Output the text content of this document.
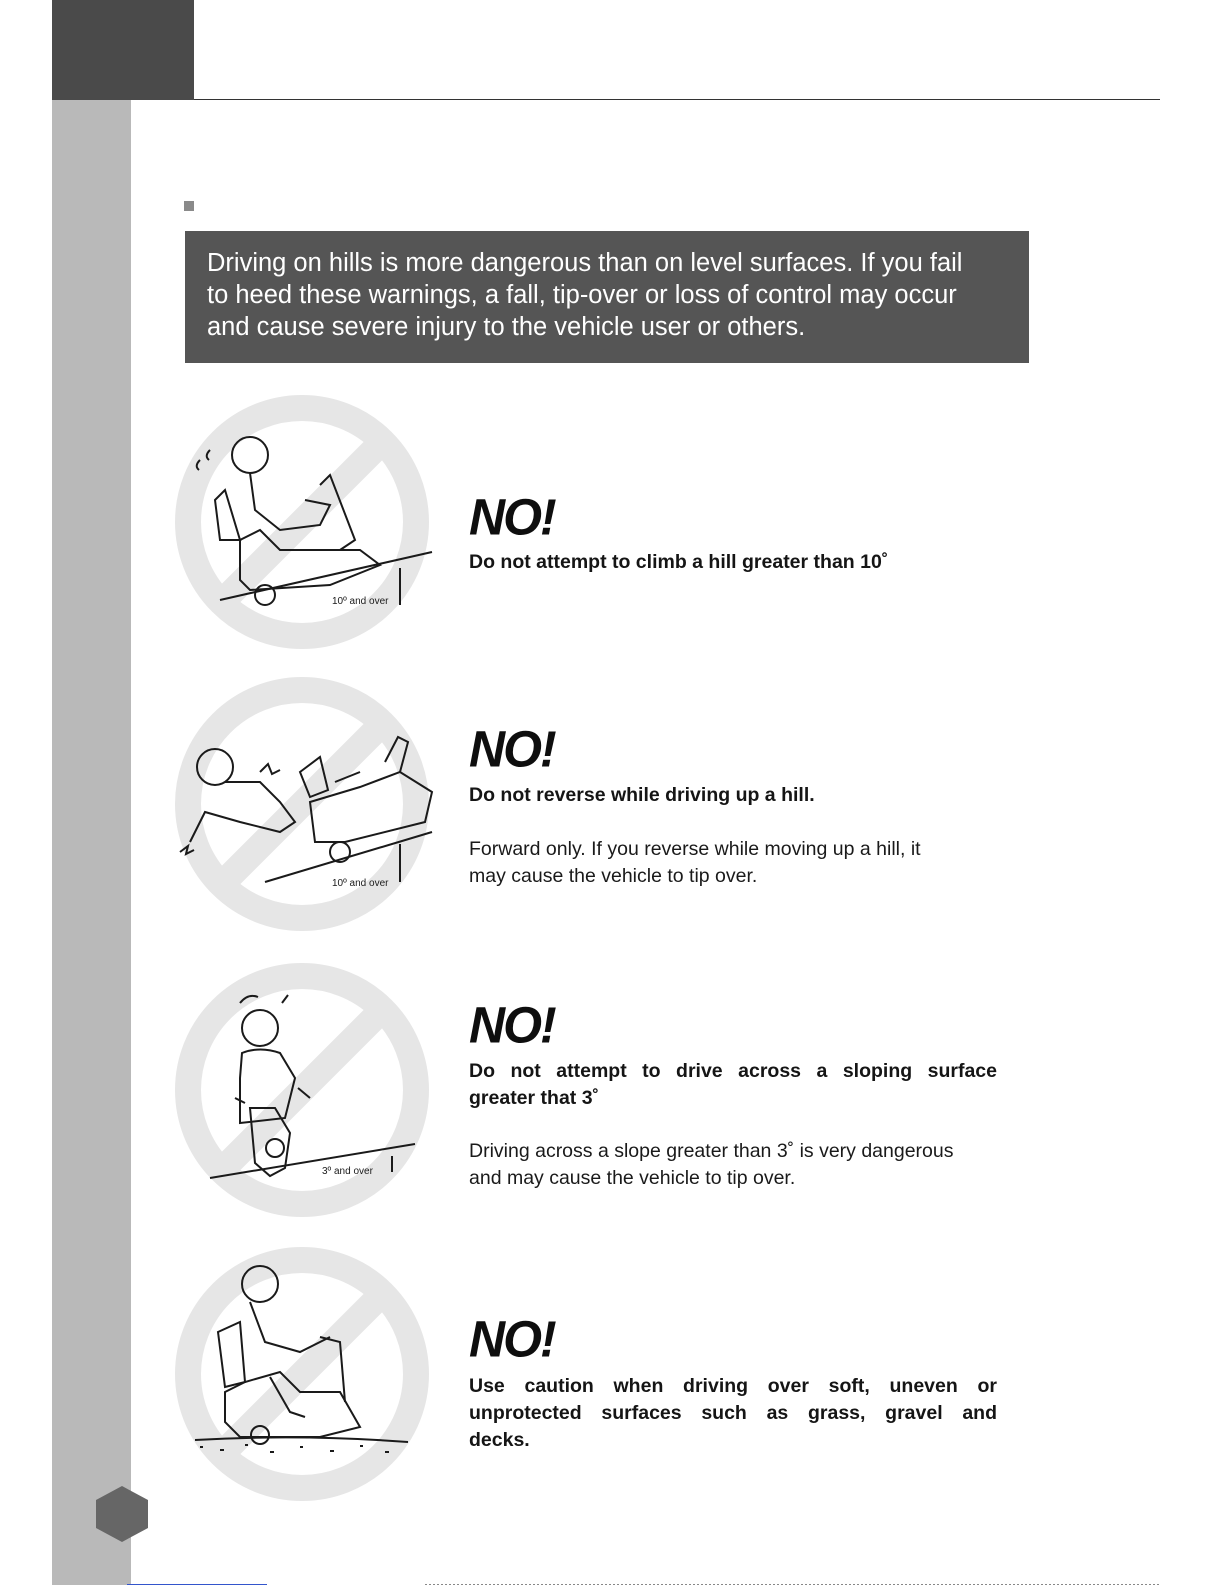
Driving on hills is more dangerous than on level surfaces. If you fail

to heed these warnings, a fall, tip-over or loss of control may occur

and cause severe injury to the vehicle user or others.

10º and over
NO!
Do not attempt to climb a hill greater than 10˚
10º and over
NO!
Do not reverse while driving up a hill.
Forward only. If you reverse while moving up a hill, it
may cause the vehicle to tip over.
3º and over
NO!
Do not attempt to drive across a sloping surface
greater that 3˚
Driving across a slope greater than 3˚ is very dangerous
and may cause the vehicle to tip over.
NO!
Use caution when driving over soft, uneven or
unprotected surfaces such as grass, gravel and
decks.
